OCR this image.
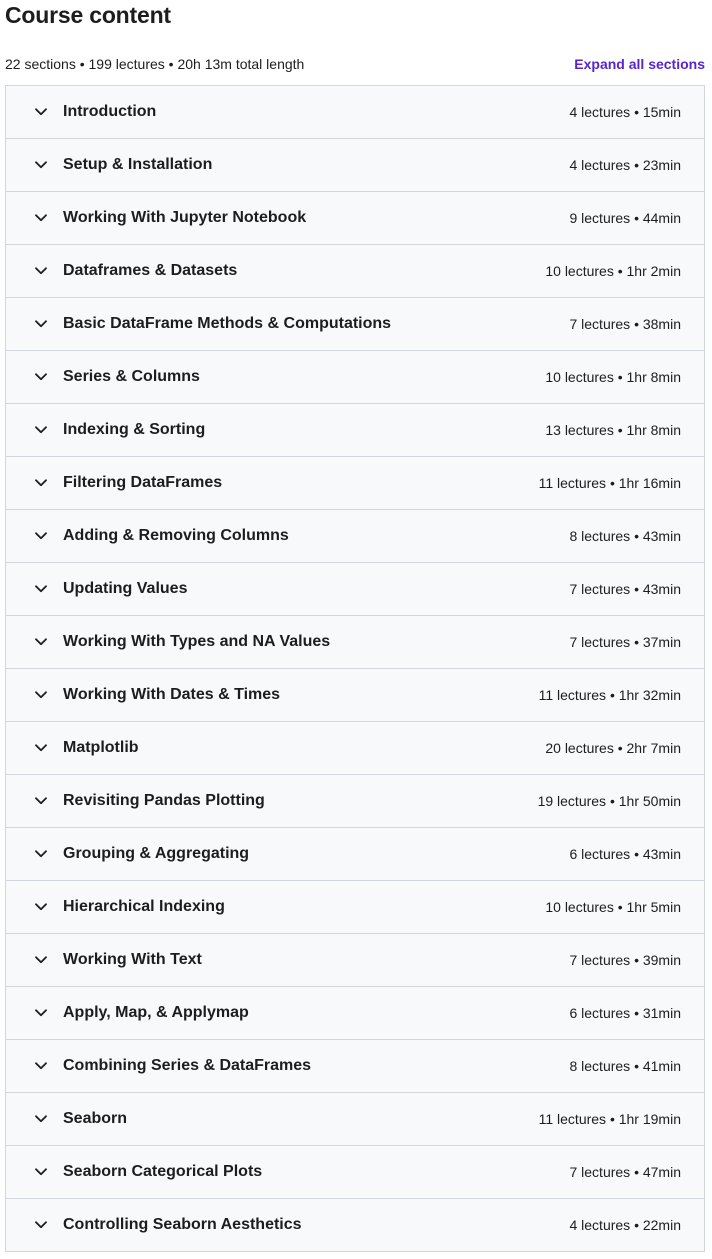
Course content
22 sections • 199 lectures • 20h 13m total length	Expand all sections
Introduction	4 lectures • 15min
Setup & Installation	4 lectures • 23min
Working With Jupyter Notebook	9 lectures • 44min
Dataframes & Datasets	10 lectures • 1hr 2min
Basic DataFrame Methods & Computations	7 lectures • 38min
Series & Columns	10 lectures • 1hr 8min
Indexing & Sorting	13 lectures • 1hr 8min
Filtering DataFrames	11 lectures • 1hr 16min
Adding & Removing Columns	8 lectures • 43min
Updating Values	7 lectures • 43min
Working With Types and NA Values	7 lectures • 37min
Working With Dates & Times	11 lectures • 1hr 32min
Matplotlib	20 lectures • 2hr 7min
Revisiting Pandas Plotting	19 lectures • 1hr 50min
Grouping & Aggregating	6 lectures • 43min
Hierarchical Indexing	10 lectures • 1hr 5min
Working With Text	7 lectures • 39min
Apply, Map, & Applymap	6 lectures • 31min
Combining Series & DataFrames	8 lectures • 41min
Seaborn	11 lectures • 1hr 19min
Seaborn Categorical Plots	7 lectures • 47min
Controlling Seaborn Aesthetics	4 lectures • 22min
